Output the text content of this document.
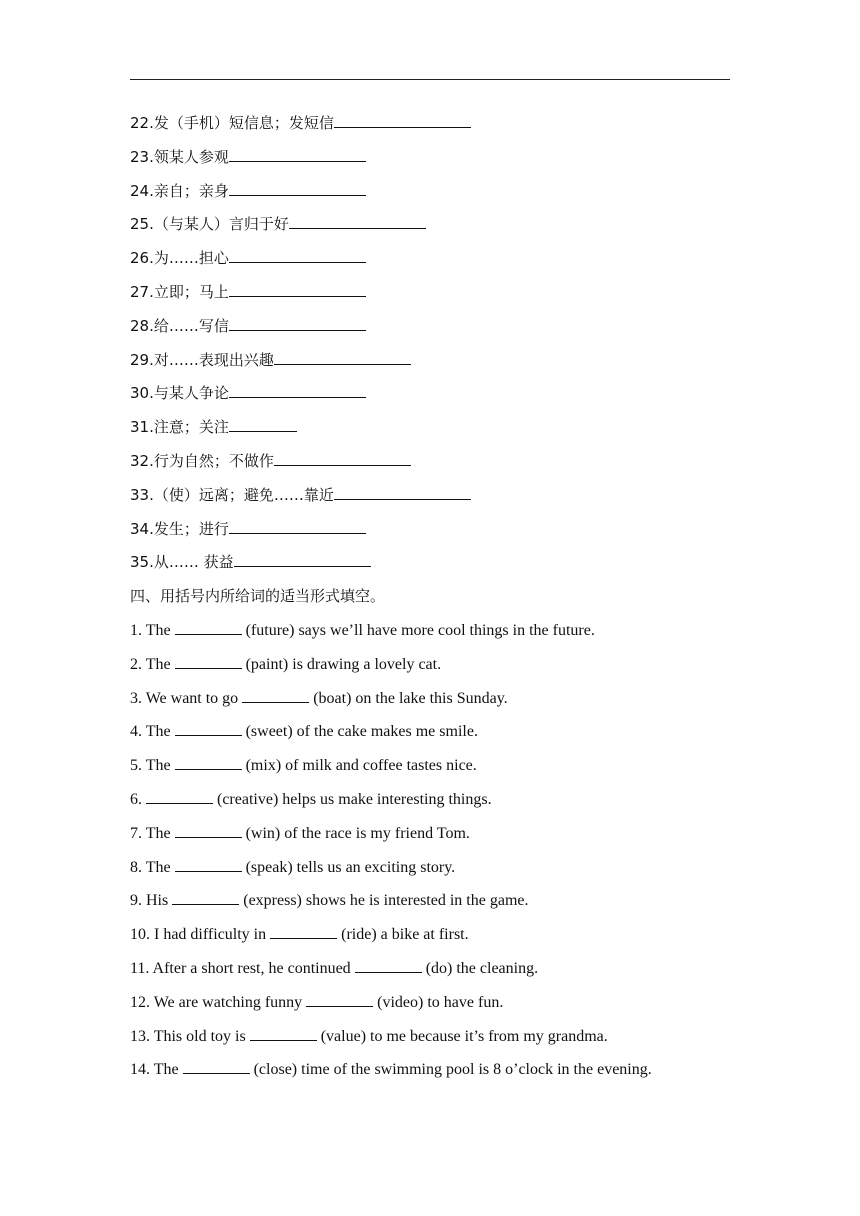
22.发（手机）短信息；发短信
23.领某人参观
24.亲自；亲身
25.（与某人）言归于好
26.为……担心
27.立即；马上
28.给……写信
29.对……表现出兴趣
30.与某人争论
31.注意；关注
32.行为自然；不做作
33.（使）远离；避免……靠近
34.发生；进行
35.从…… 获益
四、用括号内所给词的适当形式填空。
1. The	(future) says we’ll have more cool things in the future.
2. The	(paint) is drawing a lovely cat.
3. We want to go	(boat) on the lake this Sunday.
4. The	(sweet) of the cake makes me smile.
5. The	(mix) of milk and coffee tastes nice.
6.	(creative) helps us make interesting things.
7. The	(win) of the race is my friend Tom.
8. The	(speak) tells us an exciting story.
9. His	(express) shows he is interested in the game.
10. I had difficulty in	(ride) a bike at first.
11. After a short rest, he continued	(do) the cleaning.
12. We are watching funny	(video) to have fun.
13. This old toy is	(value) to me because it’s from my grandma.
14. The	(close) time of the swimming pool is 8 o’clock in the evening.
